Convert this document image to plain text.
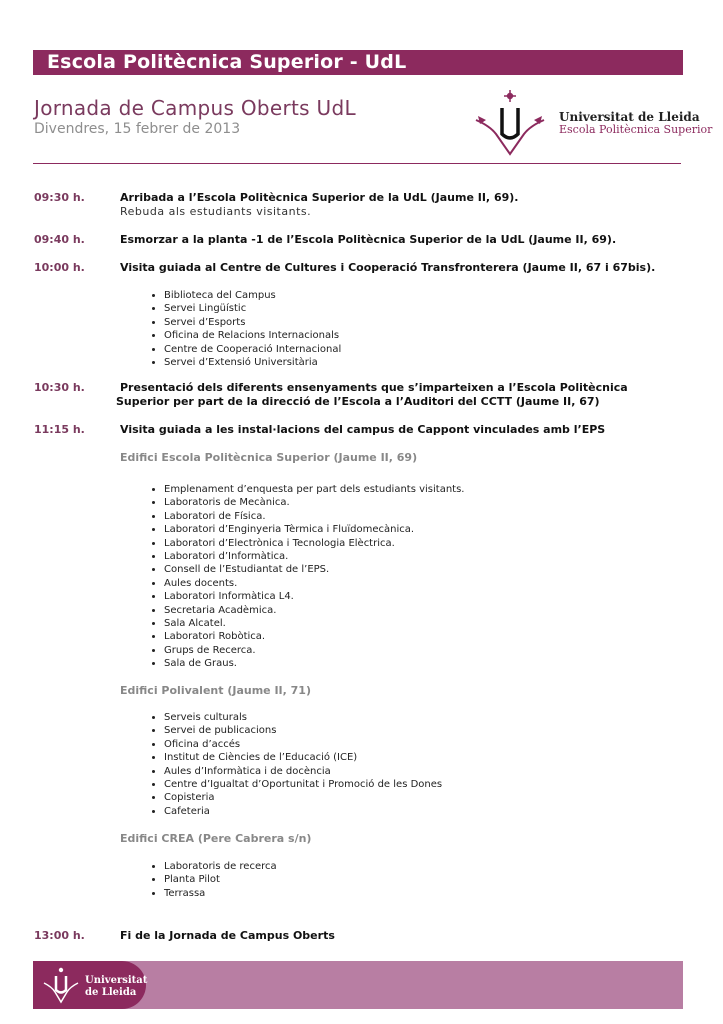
Escola Politècnica Superior - UdL
Jornada de Campus Oberts UdL
Divendres, 15 febrer de 2013
Universitat de Lleida
Escola Politècnica Superior
09:30 h.	Arribada a l’Escola Politècnica Superior de la UdL (Jaume II, 69).
Rebuda als estudiants visitants.
09:40 h.	Esmorzar a la planta -1 de l’Escola Politècnica Superior de la UdL (Jaume II, 69).
10:00 h.	Visita guiada al Centre de Cultures i Cooperació Transfronterera (Jaume II, 67 i 67bis).
• Biblioteca del Campus
• Servei Lingüístic
• Servei d’Esports
• Oficina de Relacions Internacionals
• Centre de Cooperació Internacional
• Servei d’Extensió Universitària
10:30 h.	Presentació dels diferents ensenyaments que s’imparteixen a l’Escola Politècnica
Superior per part de la direcció de l’Escola a l’Auditori del CCTT (Jaume II, 67)
11:15 h.	Visita guiada a les instal·lacions del campus de Cappont vinculades amb l’EPS
Edifici Escola Politècnica Superior (Jaume II, 69)
• Emplenament d’enquesta per part dels estudiants visitants.
• Laboratoris de Mecànica.
• Laboratori de Física.
• Laboratori d’Enginyeria Tèrmica i Fluïdomecànica.
• Laboratori d’Electrònica i Tecnologia Elèctrica.
• Laboratori d’Informàtica.
• Consell de l’Estudiantat de l’EPS.
• Aules docents.
• Laboratori Informàtica L4.
• Secretaria Acadèmica.
• Sala Alcatel.
• Laboratori Robòtica.
• Grups de Recerca.
• Sala de Graus.
Edifici Polivalent (Jaume II, 71)
• Serveis culturals
• Servei de publicacions
• Oficina d’accés
• Institut de Ciències de l’Educació (ICE)
• Aules d’Informàtica i de docència
• Centre d’Igualtat d’Oportunitat i Promoció de les Dones
• Copisteria
• Cafeteria
Edifici CREA (Pere Cabrera s/n)
• Laboratoris de recerca
• Planta Pilot
• Terrassa
13:00 h.	Fi de la Jornada de Campus Oberts
Universitat
de Lleida
